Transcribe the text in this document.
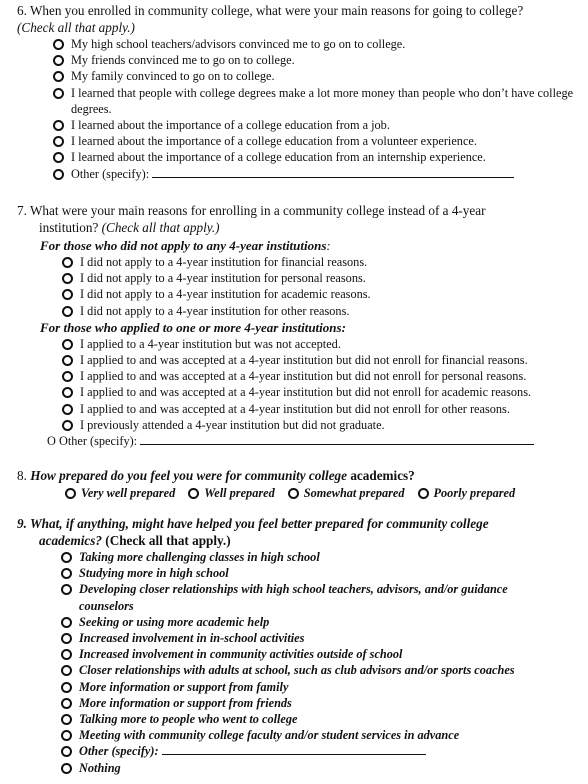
6. When you enrolled in community college, what were your main reasons for going to college?
(Check all that apply.)
My high school teachers/advisors convinced me to go on to college.
My friends convinced me to go on to college.
My family convinced to go on to college.
I learned that people with college degrees make a lot more money than people who don’t have college degrees.
I learned about the importance of a college education from a job.
I learned about the importance of a college education from a volunteer experience.
I learned about the importance of a college education from an internship experience.
Other (specify):
7. What were your main reasons for enrolling in a community college instead of a 4-year
institution? (Check all that apply.)
For those who did not apply to any 4-year institutions:
I did not apply to a 4-year institution for financial reasons.
I did not apply to a 4-year institution for personal reasons.
I did not apply to a 4-year institution for academic reasons.
I did not apply to a 4-year institution for other reasons.
For those who applied to one or more 4-year institutions:
I applied to a 4-year institution but was not accepted.
I applied to and was accepted at a 4-year institution but did not enroll for financial reasons.
I applied to and was accepted at a 4-year institution but did not enroll for personal reasons.
I applied to and was accepted at a 4-year institution but did not enroll for academic reasons.
I applied to and was accepted at a 4-year institution but did not enroll for other reasons.
I previously attended a 4-year institution but did not graduate.
O Other (specify):
8. How prepared do you feel you were for community college academics?
Very well prepared	Well prepared	Somewhat prepared	Poorly prepared
9. What, if anything, might have helped you feel better prepared for community college
academics? (Check all that apply.)
Taking more challenging classes in high school
Studying more in high school
Developing closer relationships with high school teachers, advisors, and/or guidance counselors
Seeking or using more academic help
Increased involvement in in-school activities
Increased involvement in community activities outside of school
Closer relationships with adults at school, such as club advisors and/or sports coaches
More information or support from family
More information or support from friends
Talking more to people who went to college
Meeting with community college faculty and/or student services in advance
Other (specify):
Nothing
